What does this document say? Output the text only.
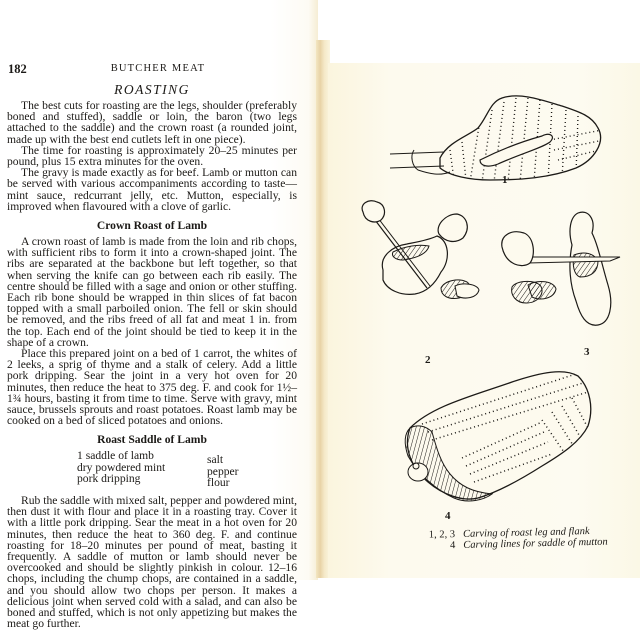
182	BUTCHER MEAT
ROASTING

The best cuts for roasting are the legs, shoulder (preferably boned and stuffed), saddle or loin, the baron (two legs attached to the saddle) and the crown roast (a rounded joint, made up with the best end cutlets left in one piece).

The time for roasting is approximately 20–25 minutes per pound, plus 15 extra minutes for the oven.

The gravy is made exactly as for beef. Lamb or mutton can be served with various accompaniments according to taste—mint sauce, redcurrant jelly, etc. Mutton, especially, is improved when flavoured with a clove of garlic.

Crown Roast of Lamb

A crown roast of lamb is made from the loin and rib chops, with sufficient ribs to form it into a crown-shaped joint. The ribs are separated at the backbone but left together, so that when serving the knife can go between each rib easily. The centre should be filled with a sage and onion or other stuffing. Each rib bone should be wrapped in thin slices of fat bacon topped with a small parboiled onion. The fell or skin should be removed, and the ribs freed of all fat and meat 1 in. from the top. Each end of the joint should be tied to keep it in the shape of a crown.

Place this prepared joint on a bed of 1 carrot, the whites of 2 leeks, a sprig of thyme and a stalk of celery. Add a little pork dripping. Sear the joint in a very hot oven for 20 minutes, then reduce the heat to 375 deg. F. and cook for 1½–1¾ hours, basting it from time to time. Serve with gravy, mint sauce, brussels sprouts and roast potatoes. Roast lamb may be cooked on a bed of sliced potatoes and onions.

Roast Saddle of Lamb
1 saddle of lamb
dry powdered mint
pork dripping
salt
pepper
flour

Rub the saddle with mixed salt, pepper and powdered mint, then dust it with flour and place it in a roasting tray. Cover it with a little pork dripping. Sear the meat in a hot oven for 20 minutes, then reduce the heat to 360 deg. F. and continue roasting for 18–20 minutes per pound of meat, basting it frequently. A saddle of mutton or lamb should never be overcooked and should be slightly pinkish in colour. 12–16 chops, including the chump chops, are contained in a saddle, and you should allow two chops per person. It makes a delicious joint when served cold with a salad, and can also be boned and stuffed, which is not only appetizing but makes the meat go further.

1
2
3
4
1, 2, 3 Carving of roast leg and flank
4 Carving lines for saddle of mutton
